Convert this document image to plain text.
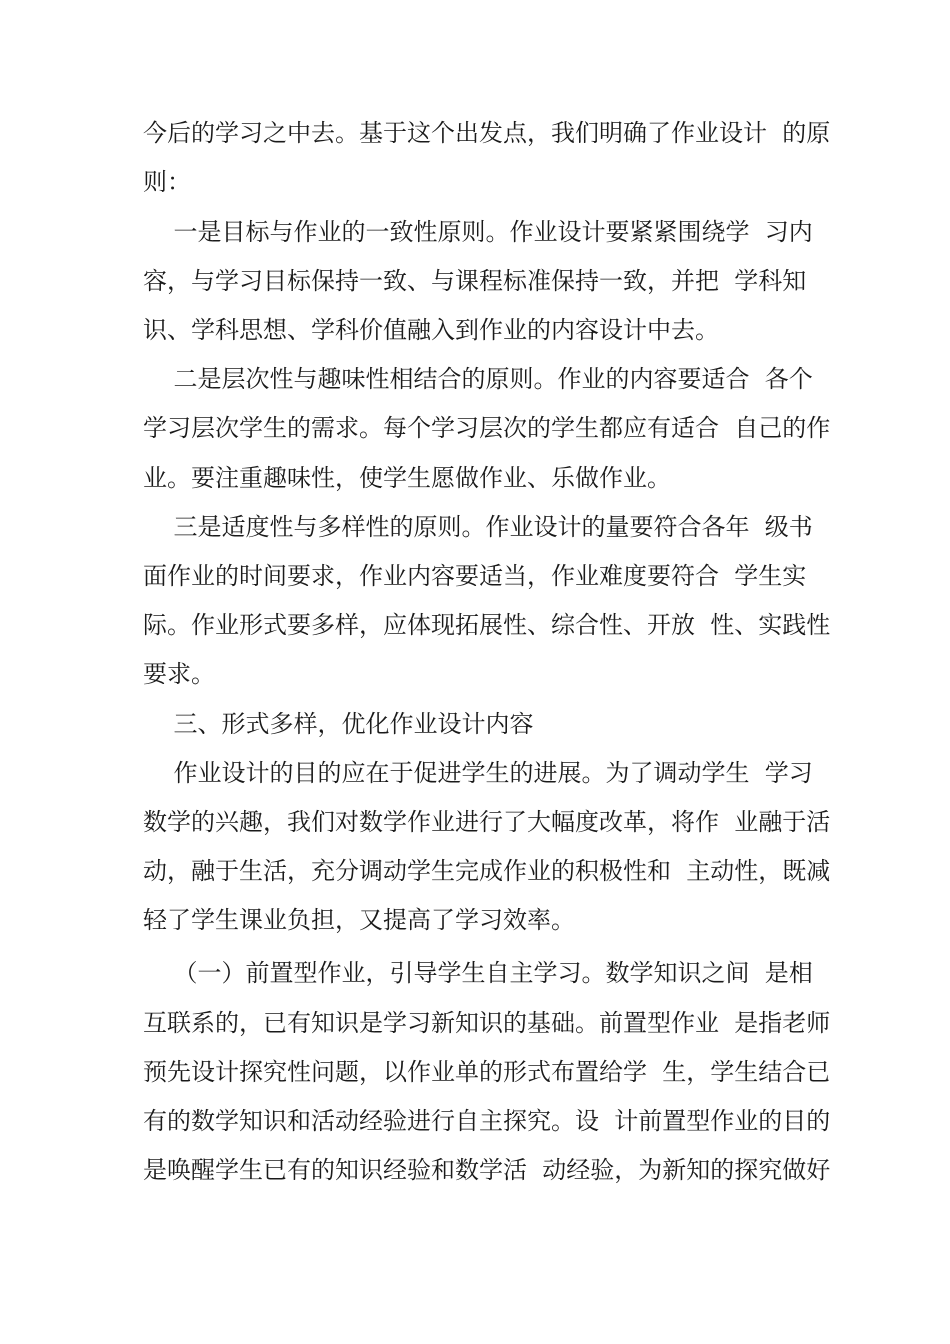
今后的学习之中去。基于这个出发点，我们明确了作业设计  的原
则：
一是目标与作业的一致性原则。作业设计要紧紧围绕学  习内
容，与学习目标保持一致、与课程标准保持一致，并把  学科知
识、学科思想、学科价值融入到作业的内容设计中去。
二是层次性与趣味性相结合的原则。作业的内容要适合  各个
学习层次学生的需求。每个学习层次的学生都应有适合  自己的作
业。要注重趣味性，使学生愿做作业、乐做作业。
三是适度性与多样性的原则。作业设计的量要符合各年  级书
面作业的时间要求，作业内容要适当，作业难度要符合  学生实
际。作业形式要多样，应体现拓展性、综合性、开放  性、实践性
要求。
三、形式多样，优化作业设计内容
作业设计的目的应在于促进学生的进展。为了调动学生  学习
数学的兴趣，我们对数学作业进行了大幅度改革，将作  业融于活
动，融于生活，充分调动学生完成作业的积极性和  主动性，既减
轻了学生课业负担，又提高了学习效率。
（一）前置型作业，引导学生自主学习。数学知识之间  是相
互联系的，已有知识是学习新知识的基础。前置型作业  是指老师
预先设计探究性问题，以作业单的形式布置给学  生，学生结合已
有的数学知识和活动经验进行自主探究。设  计前置型作业的目的
是唤醒学生已有的知识经验和数学活  动经验，为新知的探究做好
